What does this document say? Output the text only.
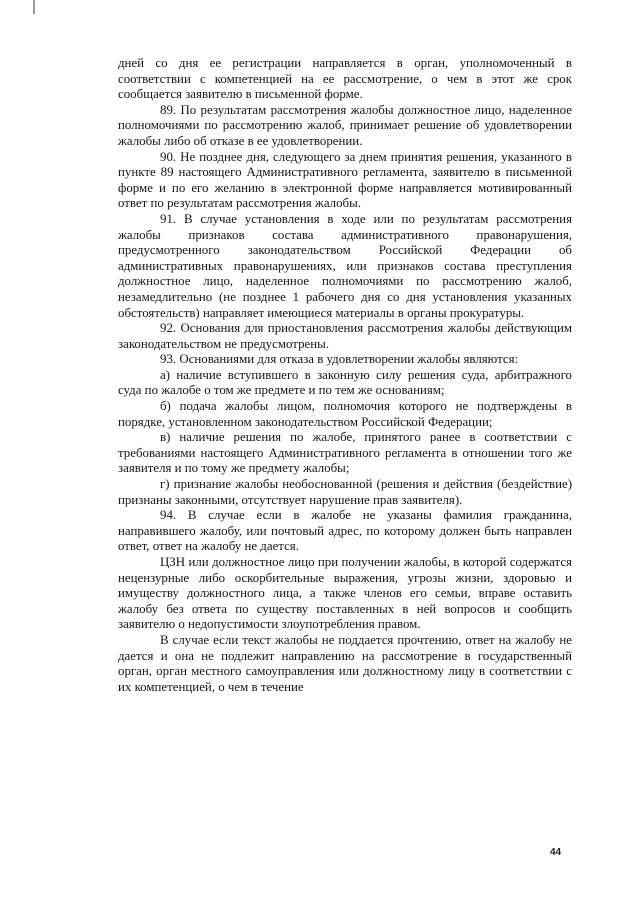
дней со дня ее регистрации направляется в орган, уполномоченный в соответствии с компетенцией на ее рассмотрение, о чем в этот же срок сообщается заявителю в письменной форме.

89. По результатам рассмотрения жалобы должностное лицо, наделенное полномочиями по рассмотрению жалоб, принимает решение об удовлетворении жалобы либо об отказе в ее удовлетворении.

90. Не позднее дня, следующего за днем принятия решения, указанного в пункте 89 настоящего Административного регламента, заявителю в письменной форме и по его желанию в электронной форме направляется мотивированный ответ по результатам рассмотрения жалобы.

91. В случае установления в ходе или по результатам рассмотрения жалобы признаков состава административного правонарушения, предусмотренного законодательством Российской Федерации об административных правонарушениях, или признаков состава преступления должностное лицо, наделенное полномочиями по рассмотрению жалоб, незамедлительно (не позднее 1 рабочего дня со дня установления указанных обстоятельств) направляет имеющиеся материалы в органы прокуратуры.

92. Основания для приостановления рассмотрения жалобы действующим законодательством не предусмотрены.

93. Основаниями для отказа в удовлетворении жалобы являются:

а) наличие вступившего в законную силу решения суда, арбитражного суда по жалобе о том же предмете и по тем же основаниям;

б) подача жалобы лицом, полномочия которого не подтверждены в порядке, установленном законодательством Российской Федерации;

в) наличие решения по жалобе, принятого ранее в соответствии с требованиями настоящего Административного регламента в отношении того же заявителя и по тому же предмету жалобы;

г) признание жалобы необоснованной (решения и действия (бездействие) признаны законными, отсутствует нарушение прав заявителя).

94. В случае если в жалобе не указаны фамилия гражданина, направившего жалобу, или почтовый адрес, по которому должен быть направлен ответ, ответ на жалобу не дается.

ЦЗН или должностное лицо при получении жалобы, в которой содержатся нецензурные либо оскорбительные выражения, угрозы жизни, здоровью и имуществу должностного лица, а также членов его семьи, вправе оставить жалобу без ответа по существу поставленных в ней вопросов и сообщить заявителю о недопустимости злоупотребления правом.

В случае если текст жалобы не поддается прочтению, ответ на жалобу не дается и она не подлежит направлению на рассмотрение в государственный орган, орган местного самоуправления или должностному лицу в соответствии с их компетенцией, о чем в течение

44
